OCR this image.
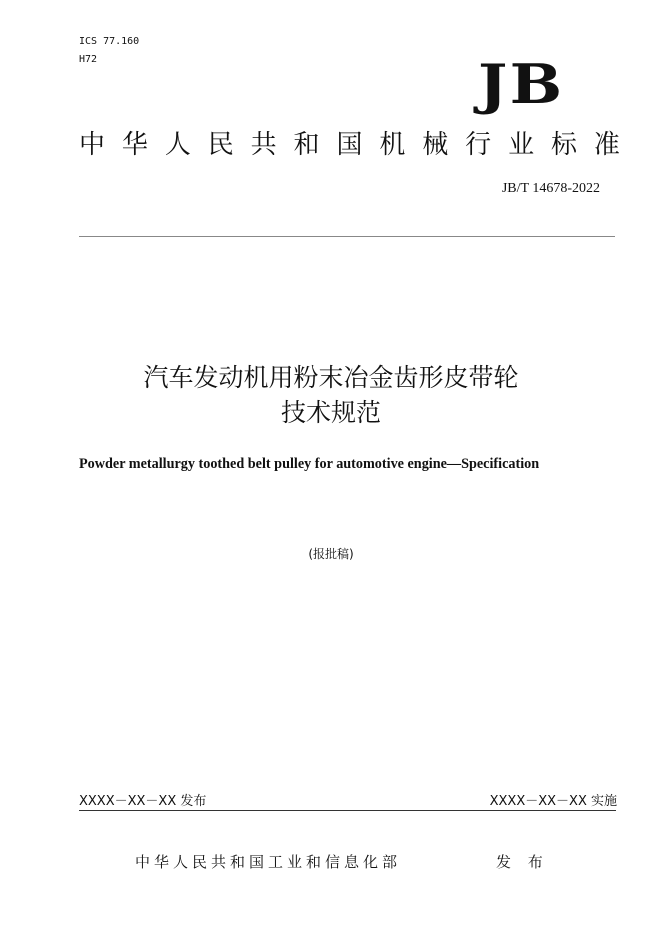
ICS 77.160
H72	JB
中 华 人 民 共 和 国 机 械 行 业 标 准
JB/T 14678-2022
汽车发动机用粉末冶金齿形皮带轮
技术规范
Powder metallurgy toothed belt pulley for automotive engine—Specification
(报批稿)
XXXX－XX－XX 发布	XXXX－XX－XX 实施
中华人民共和国工业和信息化部	发 布
